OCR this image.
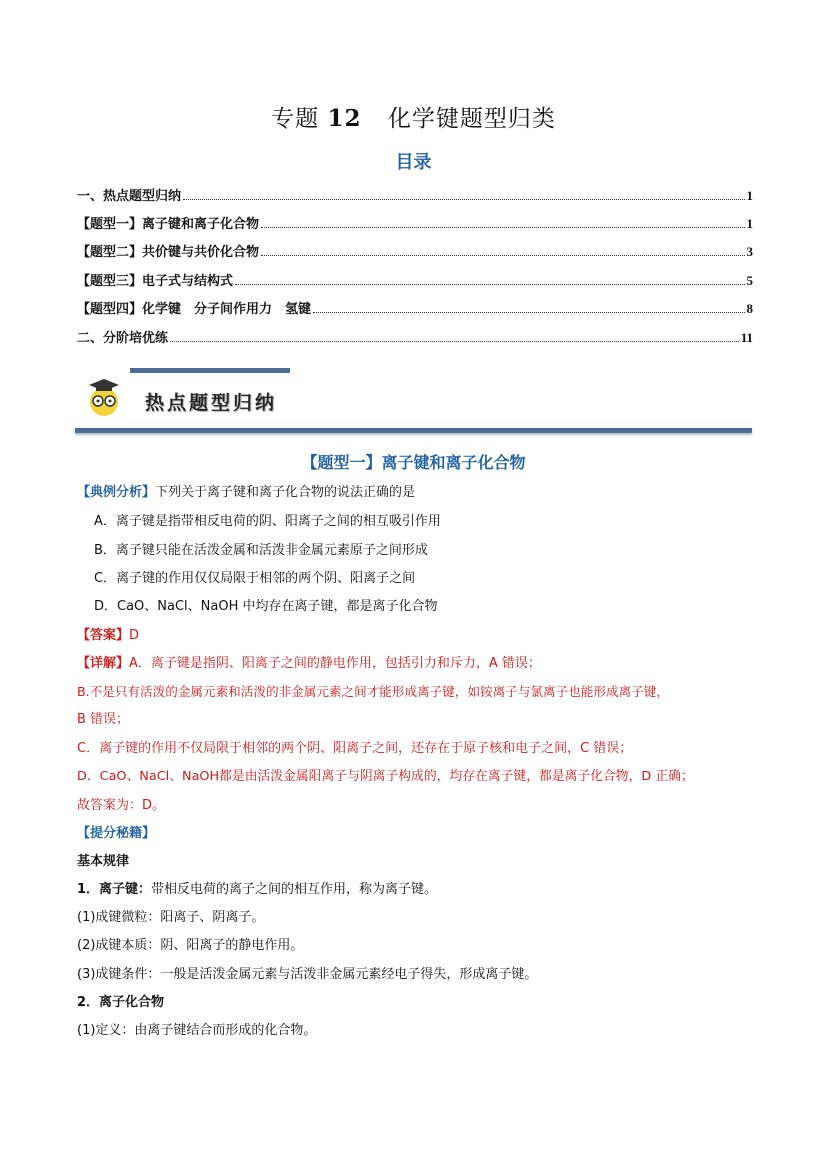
专题 12 化学键题型归类
目录
一、热点题型归纳	1
【题型一】离子键和离子化合物	1
【题型二】共价键与共价化合物	3
【题型三】电子式与结构式	5
【题型四】化学键　分子间作用力　氢键	8
二、分阶培优练	11
热点题型归纳
【题型一】离子键和离子化合物
【典例分析】下列关于离子键和离子化合物的说法正确的是
A．离子键是指带相反电荷的阴、阳离子之间的相互吸引作用
B．离子键只能在活泼金属和活泼非金属元素原子之间形成
C．离子键的作用仅仅局限于相邻的两个阴、阳离子之间
D．CaO、NaCl、NaOH 中均存在离子键，都是离子化合物
【答案】D
【详解】A．离子键是指阴、阳离子之间的静电作用，包括引力和斥力，A 错误；
B.不是只有活泼的金属元素和活泼的非金属元素之间才能形成离子键，如铵离子与氯离子也能形成离子键，
B 错误；
C．离子键的作用不仅局限于相邻的两个阴、阳离子之间，还存在于原子核和电子之间，C 错误；
D．CaO、NaCl、NaOH都是由活泼金属阳离子与阴离子构成的，均存在离子键，都是离子化合物，D 正确；
故答案为：D。
【提分秘籍】
基本规律
1．离子键：带相反电荷的离子之间的相互作用，称为离子键。
(1)成键微粒：阳离子、阴离子。
(2)成键本质：阴、阳离子的静电作用。
(3)成键条件：一般是活泼金属元素与活泼非金属元素经电子得失，形成离子键。
2．离子化合物
(1)定义：由离子键结合而形成的化合物。
